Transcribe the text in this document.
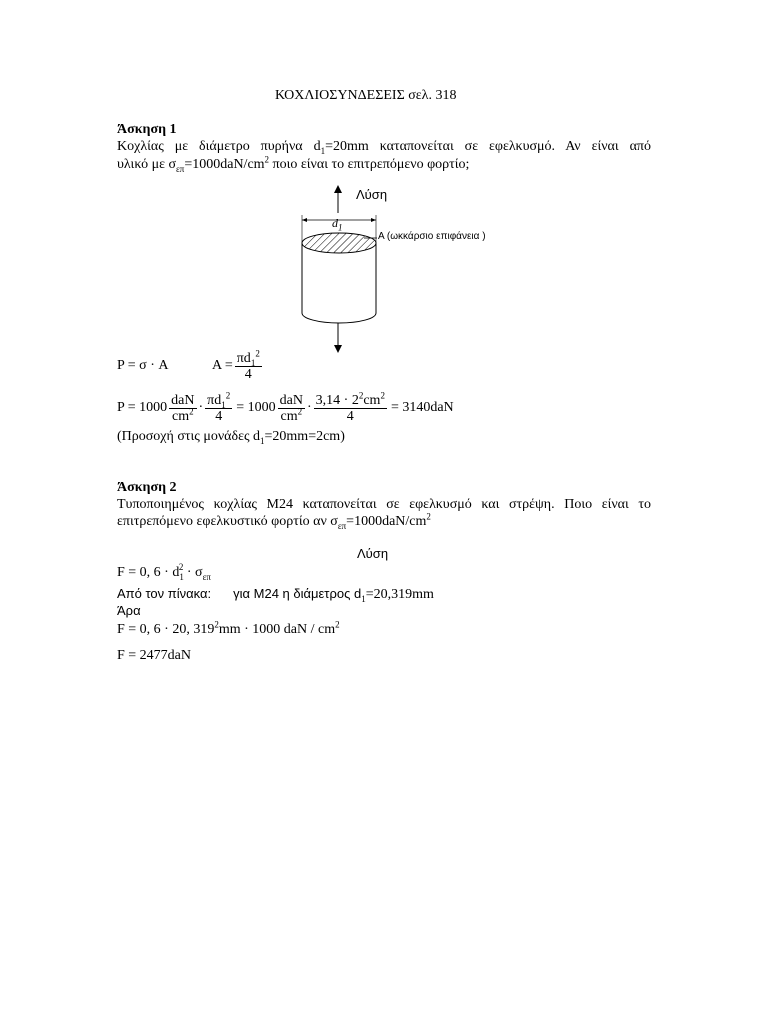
ΚΟΧΛΙΟΣΥΝΔΕΣΕΙΣ σελ. 318
Άσκηση 1
Κοχλίας με διάμετρο πυρήνα $d_1=20mm$ καταπονείται σε εφελκυσμό. Αν είναι από
υλικό με $\sigma_{\varepsilon\pi}=1000daN/cm^2$ ποιο είναι το επιτρεπόμενο φορτίο;
Λύση
$d_1$
A (ωκκάρσιο επιφάνεια )
P = σ · A	$A = \frac{\pi d_1^2}{4}$
$P = 1000 \frac{\text{daN}}{cm^2} \cdot \frac{\pi d_1^2}{4} = 1000 \frac{\text{daN}}{cm^2} \cdot \frac{3,14 \cdot 2^2cm^2}{4} = 3140daN$
(Προσοχή στις μονάδες $d_1=20mm=2cm$)
Άσκηση 2
Τυποποιημένος κοχλίας Μ24 καταπονείται σε εφελκυσμό και στρέψη. Ποιο είναι το
επιτρεπόμενο εφελκυστικό φορτίο αν $\sigma_{\varepsilon\pi}=1000daN/cm^2$
Λύση
F = 0, $6 \cdot d_1^2 \cdot \sigma_{\varepsilon\pi}$
Από τον πίνακα: για Μ24 η διάμετρος $d_1=20,319mm$
Άρα
F = 0, 6 · 20, $319^2mm \cdot 1000$ daN / $cm^2$
F = 2477daN
